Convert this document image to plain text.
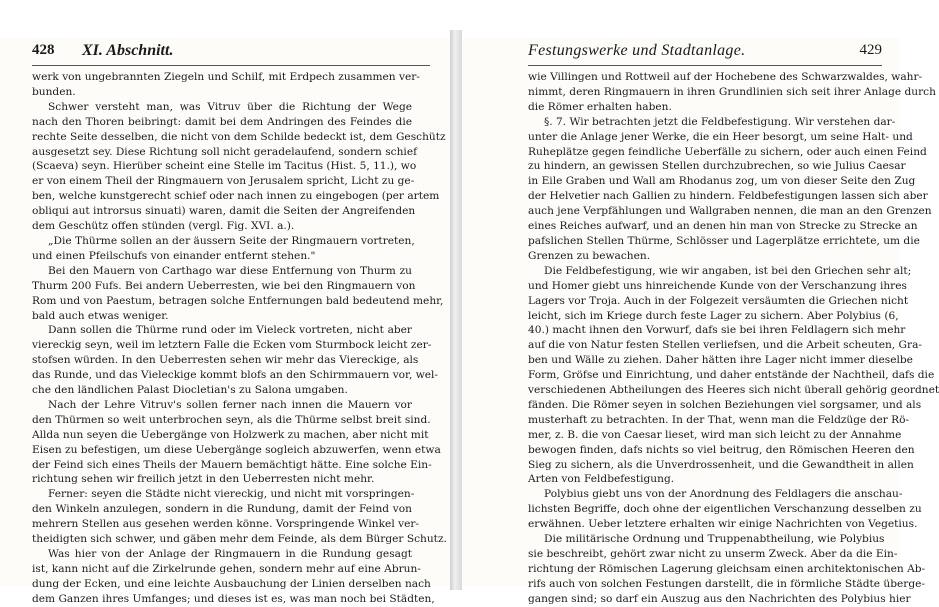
428 XI. Abschnitt.
werk von ungebrannten Ziegeln und Schilf, mit Erdpech zusammen ver-
bunden.
Schwer versteht man, was Vitruv über die Richtung der Wege
nach den Thoren beibringt: damit bei dem Andringen des Feindes die
rechte Seite desselben, die nicht von dem Schilde bedeckt ist, dem Geschütz
ausgesetzt sey. Diese Richtung soll nicht geradelaufend, sondern schief
(Scaeva) seyn. Hierüber scheint eine Stelle im Tacitus (Hist. 5, 11.), wo
er von einem Theil der Ringmauern von Jerusalem spricht, Licht zu ge-
ben, welche kunstgerecht schief oder nach innen zu eingebogen (per artem
obliqui aut introrsus sinuati) waren, damit die Seiten der Angreifenden
dem Geschütz offen stünden (vergl. Fig. XVI. a.).
„Die Thürme sollen an der äussern Seite der Ringmauern vortreten,
und einen Pfeilschufs von einander entfernt stehen."
Bei den Mauern von Carthago war diese Entfernung von Thurm zu
Thurm 200 Fufs. Bei andern Ueberresten, wie bei den Ringmauern von
Rom und von Paestum, betragen solche Entfernungen bald bedeutend mehr,
bald auch etwas weniger.
Dann sollen die Thürme rund oder im Vieleck vortreten, nicht aber
viereckig seyn, weil im letztern Falle die Ecken vom Sturmbock leicht zer-
stofsen würden. In den Ueberresten sehen wir mehr das Viereckige, als
das Runde, und das Vieleckige kommt blofs an den Schirmmauern vor, wel-
che den ländlichen Palast Diocletian's zu Salona umgaben.
Nach der Lehre Vitruv's sollen ferner nach innen die Mauern vor
den Thürmen so weit unterbrochen seyn, als die Thürme selbst breit sind.
Allda nun seyen die Uebergänge von Holzwerk zu machen, aber nicht mit
Eisen zu befestigen, um diese Uebergänge sogleich abzuwerfen, wenn etwa
der Feind sich eines Theils der Mauern bemächtigt hätte. Eine solche Ein-
richtung sehen wir freilich jetzt in den Ueberresten nicht mehr.
Ferner: seyen die Städte nicht viereckig, und nicht mit vorspringen-
den Winkeln anzulegen, sondern in die Rundung, damit der Feind von
mehrern Stellen aus gesehen werden könne. Vorspringende Winkel ver-
theidigten sich schwer, und gäben mehr dem Feinde, als dem Bürger Schutz.
Was hier von der Anlage der Ringmauern in die Rundung gesagt
ist, kann nicht auf die Zirkelrunde gehen, sondern mehr auf eine Abrun-
dung der Ecken, und eine leichte Ausbauchung der Linien derselben nach
dem Ganzen ihres Umfanges; und dieses ist es, was man noch bei Städten,
Festungswerke und Stadtanlage.	429
wie Villingen und Rottweil auf der Hochebene des Schwarzwaldes, wahr-
nimmt, deren Ringmauern in ihren Grundlinien sich seit ihrer Anlage durch
die Römer erhalten haben.
§. 7. Wir betrachten jetzt die Feldbefestigung. Wir verstehen dar-
unter die Anlage jener Werke, die ein Heer besorgt, um seine Halt- und
Ruheplätze gegen feindliche Ueberfälle zu sichern, oder auch einen Feind
zu hindern, an gewissen Stellen durchzubrechen, so wie Julius Caesar
in Eile Graben und Wall am Rhodanus zog, um von dieser Seite den Zug
der Helvetier nach Gallien zu hindern. Feldbefestigungen lassen sich aber
auch jene Verpfählungen und Wallgraben nennen, die man an den Grenzen
eines Reiches aufwarf, und an denen hin man von Strecke zu Strecke an
pafslichen Stellen Thürme, Schlösser und Lagerplätze errichtete, um die
Grenzen zu bewachen.
Die Feldbefestigung, wie wir angaben, ist bei den Griechen sehr alt;
und Homer giebt uns hinreichende Kunde von der Verschanzung ihres
Lagers vor Troja. Auch in der Folgezeit versäumten die Griechen nicht
leicht, sich im Kriege durch feste Lager zu sichern. Aber Polybius (6,
40.) macht ihnen den Vorwurf, dafs sie bei ihren Feldlagern sich mehr
auf die von Natur festen Stellen verliefsen, und die Arbeit scheuten, Gra-
ben und Wälle zu ziehen. Daher hätten ihre Lager nicht immer dieselbe
Form, Gröfse und Einrichtung, und daher entstände der Nachtheil, dafs die
verschiedenen Abtheilungen des Heeres sich nicht überall gehörig geordnet
fänden. Die Römer seyen in solchen Beziehungen viel sorgsamer, und als
musterhaft zu betrachten. In der That, wenn man die Feldzüge der Rö-
mer, z. B. die von Caesar lieset, wird man sich leicht zu der Annahme
bewogen finden, dafs nichts so viel beitrug, den Römischen Heeren den
Sieg zu sichern, als die Unverdrossenheit, und die Gewandtheit in allen
Arten von Feldbefestigung.
Polybius giebt uns von der Anordnung des Feldlagers die anschau-
lichsten Begriffe, doch ohne der eigentlichen Verschanzung desselben zu
erwähnen. Ueber letztere erhalten wir einige Nachrichten von Vegetius.
Die militärische Ordnung und Truppenabtheilung, wie Polybius
sie beschreibt, gehört zwar nicht zu unserm Zweck. Aber da die Ein-
richtung der Römischen Lagerung gleichsam einen architektonischen Ab-
rifs auch von solchen Festungen darstellt, die in förmliche Städte übergе-
gangen sind; so darf ein Auszug aus den Nachrichten des Polybius hier
